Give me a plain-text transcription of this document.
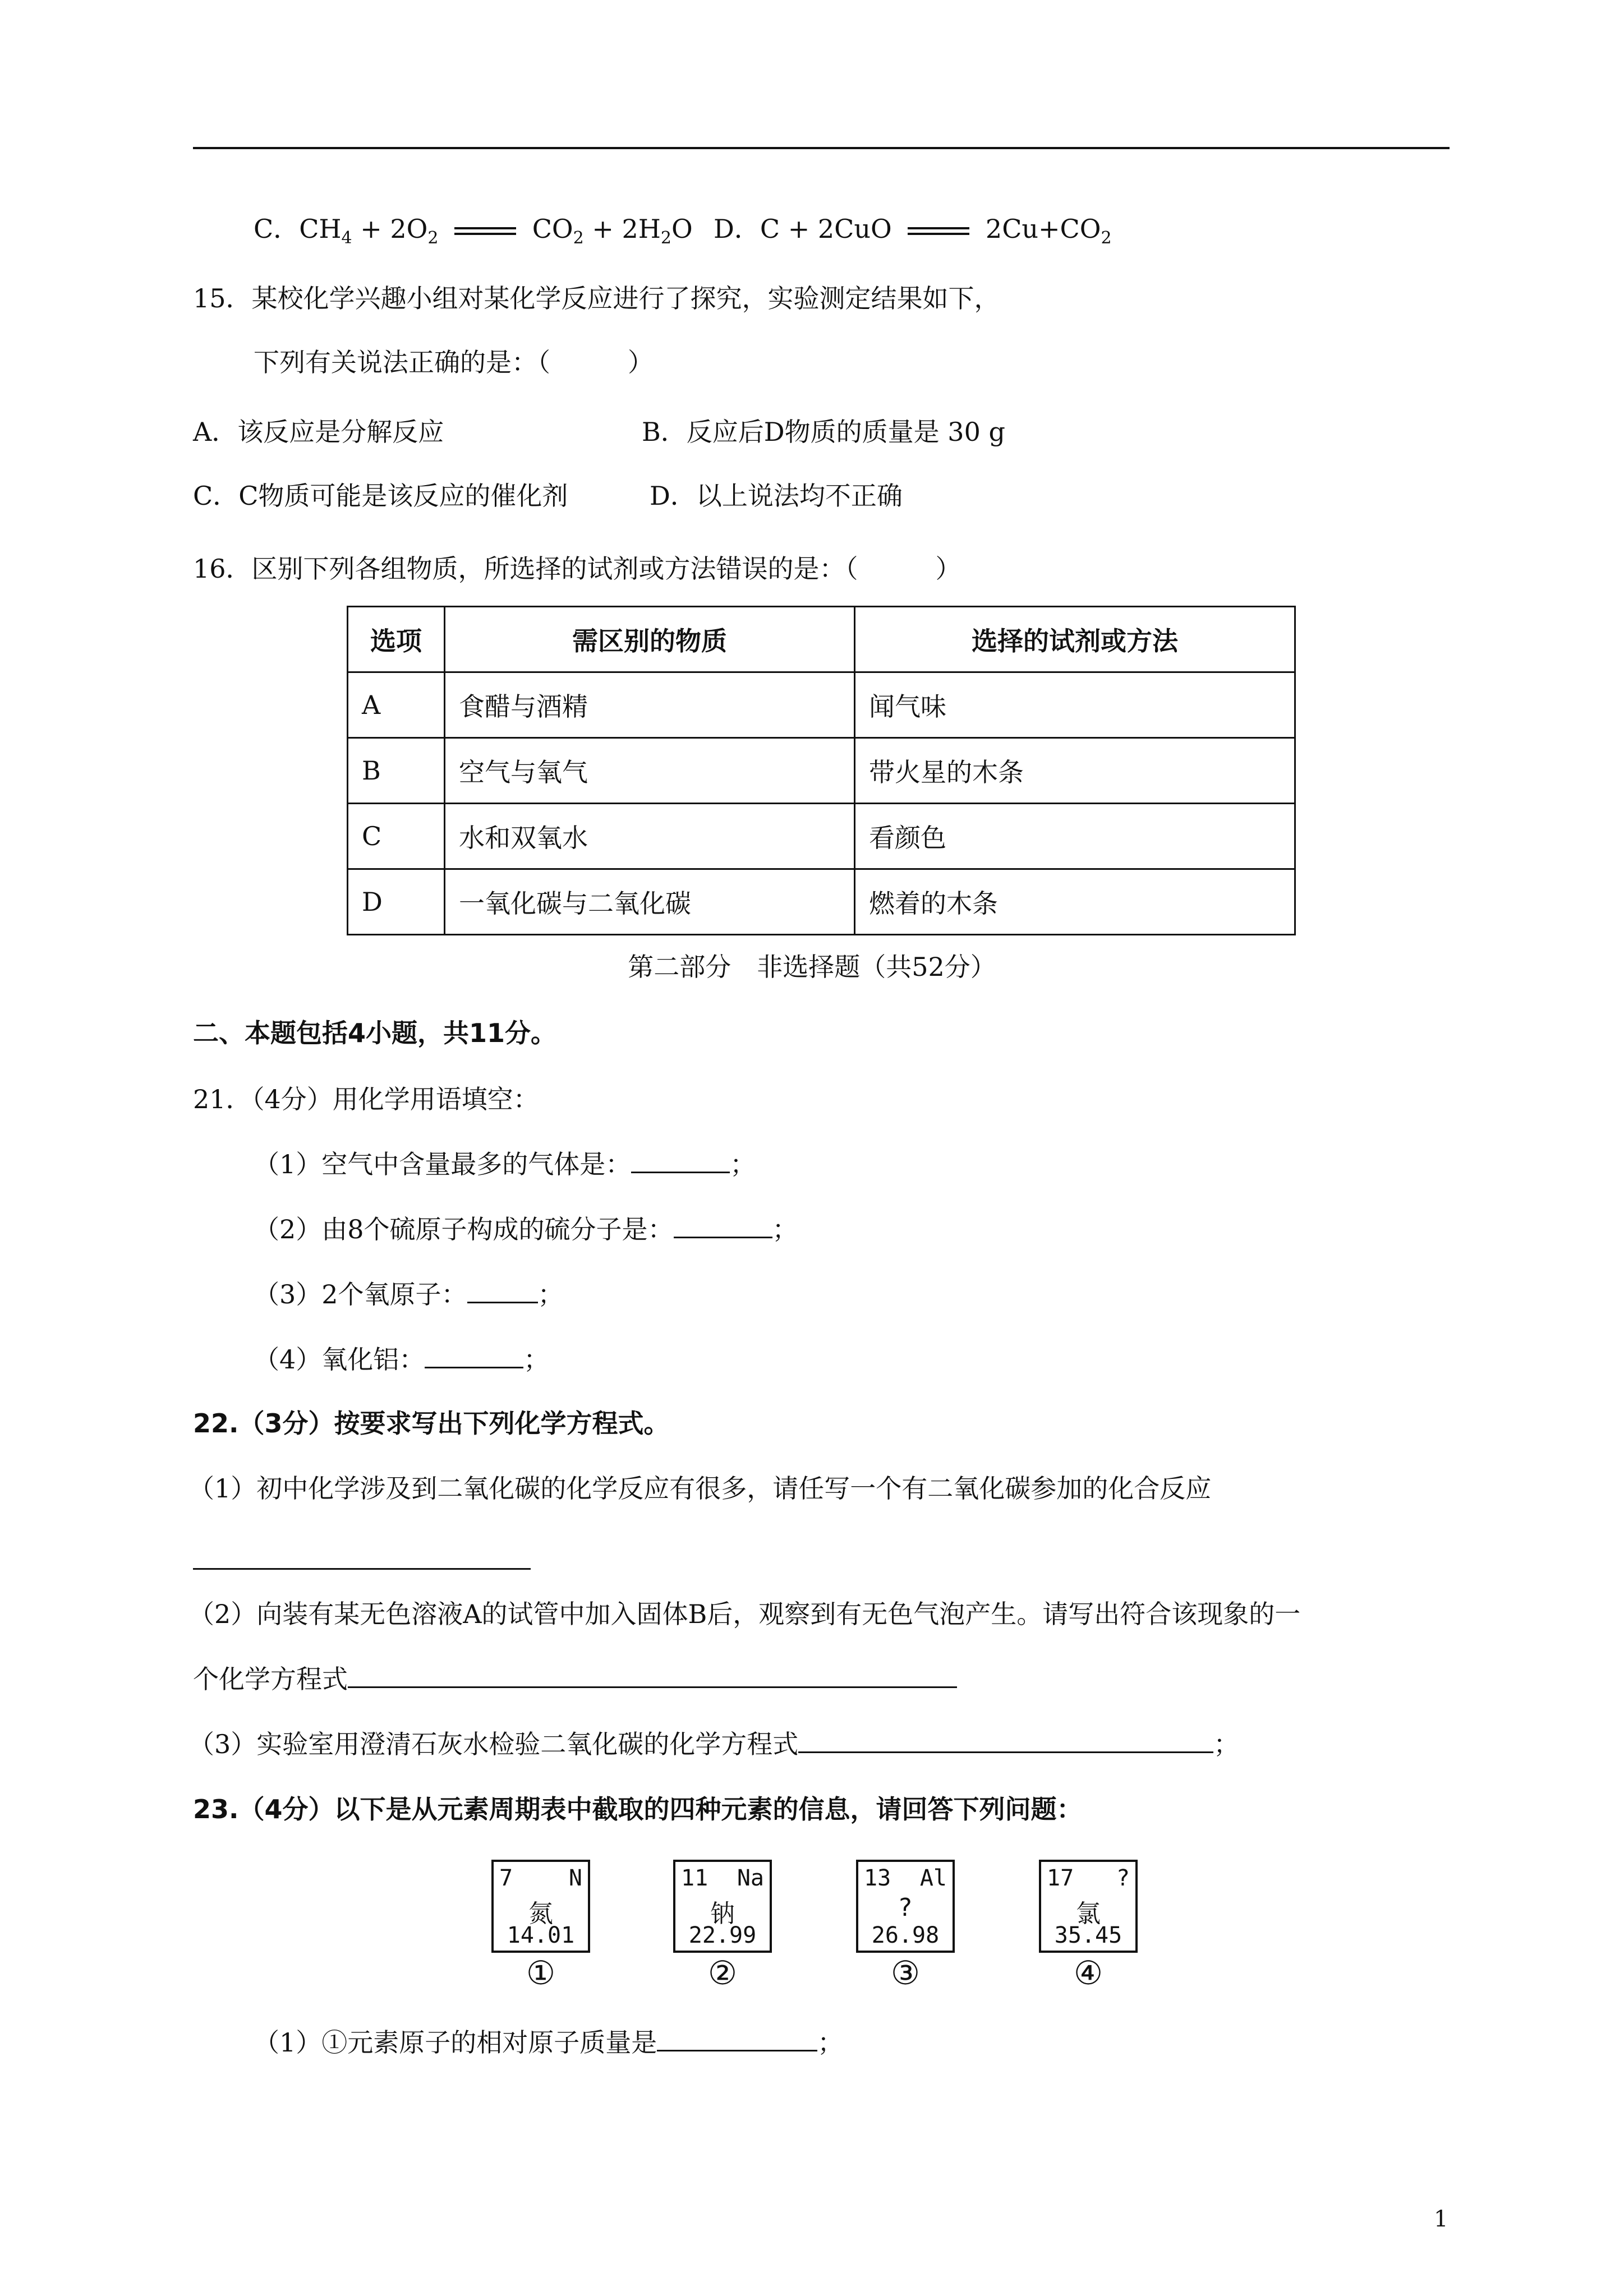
C．$CH_4 + 2O_2$	$CO_2 + 2H_2O$ D．C + 2CuO	$2Cu+CO_2$
15．某校化学兴趣小组对某化学反应进行了探究，实验测定结果如下，
下列有关说法正确的是：（　　　）
A．该反应是分解反应	B．反应后D物质的质量是 30 g
C．C物质可能是该反应的催化剂	D．以上说法均不正确
16．区别下列各组物质，所选择的试剂或方法错误的是：（　　　）
选项	需区别的物质	选择的试剂或方法
A	食醋与酒精	闻气味
B	空气与氧气	带火星的木条
C	水和双氧水	看颜色
D	一氧化碳与二氧化碳	燃着的木条
第二部分　非选择题（共52分）
二、本题包括4小题，共11分。
21．（4分）用化学用语填空：
（1）空气中含量最多的气体是：	；
（2）由8个硫原子构成的硫分子是：	；
（3）2个氧原子：	；
（4）氧化铝：	；
22.（3分）按要求写出下列化学方程式。
（1）初中化学涉及到二氧化碳的化学反应有很多，请任写一个有二氧化碳参加的化合反应
（2）向装有某无色溶液A的试管中加入固体B后，观察到有无色气泡产生。请写出符合该现象的一
个化学方程式
（3）实验室用澄清石灰水检验二氧化碳的化学方程式	；
23.（4分）以下是从元素周期表中截取的四种元素的信息，请回答下列问题：
7 N
氮
14.01
①
11 Na
钠
22.99
②
13 Al
?
26.98
③
17 ?
氯
35.45
④
（1）①元素原子的相对原子质量是	；
1
